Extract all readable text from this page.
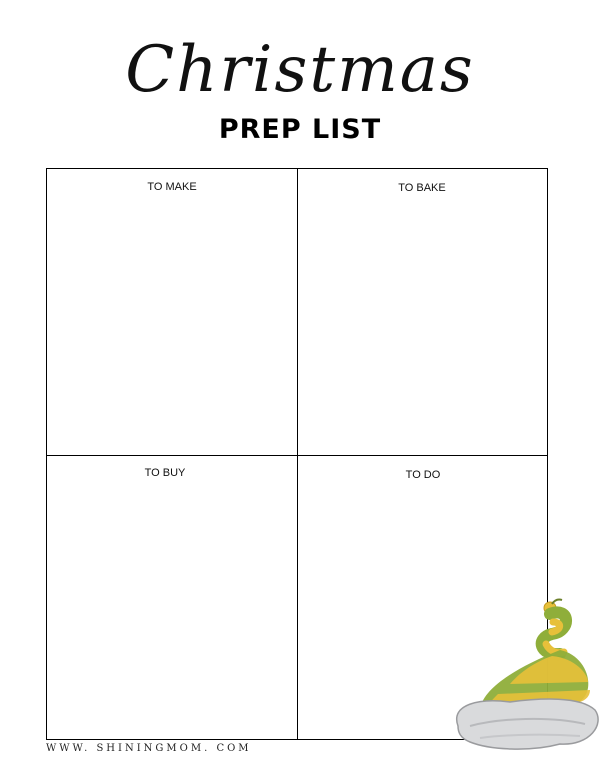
Christmas
PREP LIST
TO MAKE	TO BAKE
TO BUY	TO DO
WWW. SHININGMOM. COM
